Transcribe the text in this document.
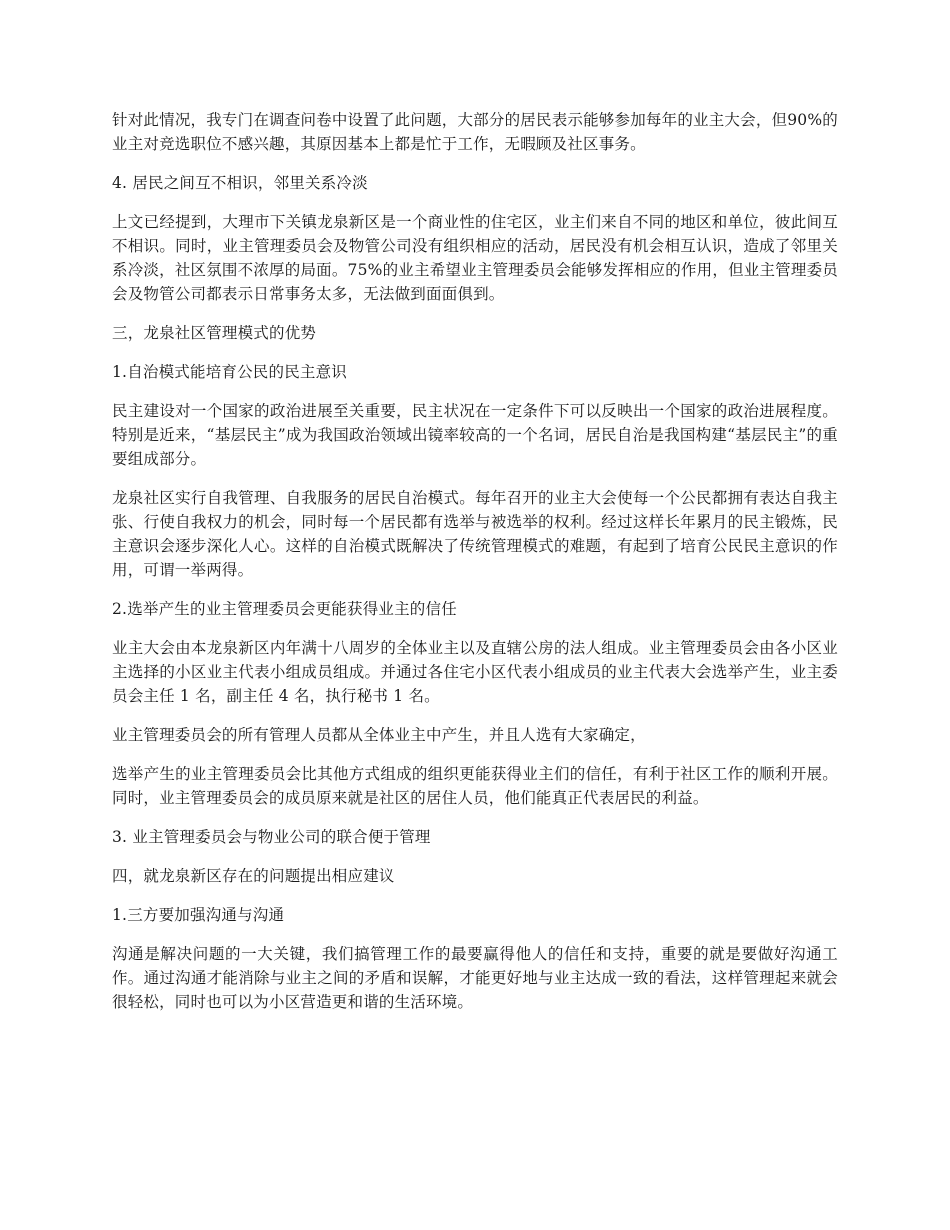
针对此情况，我专门在调查问卷中设置了此问题，大部分的居民表示能够参加每年的业主大会，但90%的业主对竞选职位不感兴趣，其原因基本上都是忙于工作，无暇顾及社区事务。

4. 居民之间互不相识，邻里关系冷淡

上文已经提到，大理市下关镇龙泉新区是一个商业性的住宅区，业主们来自不同的地区和单位，彼此间互不相识。同时，业主管理委员会及物管公司没有组织相应的活动，居民没有机会相互认识，造成了邻里关系冷淡，社区氛围不浓厚的局面。75%的业主希望业主管理委员会能够发挥相应的作用，但业主管理委员会及物管公司都表示日常事务太多，无法做到面面俱到。

三，龙泉社区管理模式的优势

1.自治模式能培育公民的民主意识

民主建设对一个国家的政治进展至关重要，民主状况在一定条件下可以反映出一个国家的政治进展程度。特别是近来，“基层民主”成为我国政治领域出镜率较高的一个名词，居民自治是我国构建“基层民主”的重要组成部分。

龙泉社区实行自我管理、自我服务的居民自治模式。每年召开的业主大会使每一个公民都拥有表达自我主张、行使自我权力的机会，同时每一个居民都有选举与被选举的权利。经过这样长年累月的民主锻炼，民主意识会逐步深化人心。这样的自治模式既解决了传统管理模式的难题，有起到了培育公民民主意识的作用，可谓一举两得。

2.选举产生的业主管理委员会更能获得业主的信任

业主大会由本龙泉新区内年满十八周岁的全体业主以及直辖公房的法人组成。业主管理委员会由各小区业主选择的小区业主代表小组成员组成。并通过各住宅小区代表小组成员的业主代表大会选举产生，业主委员会主任 1 名，副主任 4 名，执行秘书 1 名。

业主管理委员会的所有管理人员都从全体业主中产生，并且人选有大家确定，

选举产生的业主管理委员会比其他方式组成的组织更能获得业主们的信任，有利于社区工作的顺利开展。同时，业主管理委员会的成员原来就是社区的居住人员，他们能真正代表居民的利益。

3. 业主管理委员会与物业公司的联合便于管理

四，就龙泉新区存在的问题提出相应建议

1.三方要加强沟通与沟通

沟通是解决问题的一大关键，我们搞管理工作的最要赢得他人的信任和支持，重要的就是要做好沟通工作。通过沟通才能消除与业主之间的矛盾和误解，才能更好地与业主达成一致的看法，这样管理起来就会很轻松，同时也可以为小区营造更和谐的生活环境。
